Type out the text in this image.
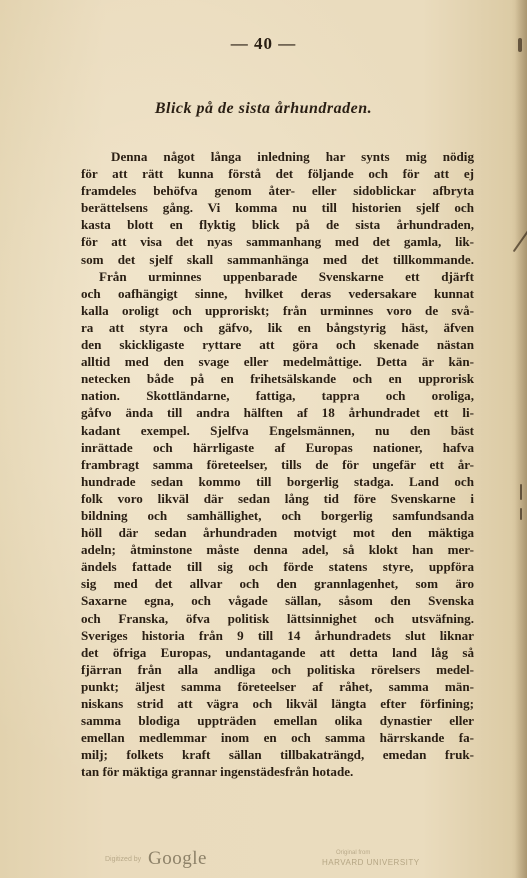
— 40 —
Blick på de sista århundraden.
Denna något långa inledning har synts mig nödig
för att rätt kunna förstå det följande och för att ej
framdeles behöfva genom åter- eller sidoblickar afbryta
berättelsens gång. Vi komma nu till historien sjelf och
kasta blott en flyktig blick på de sista århundraden,
för att visa det nyas sammanhang med det gamla, lik-
som det sjelf skall sammanhänga med det tillkommande.
Från urminnes uppenbarade Svenskarne ett djärft
och oafhängigt sinne, hvilket deras vedersakare kunnat
kalla oroligt och upproriskt; från urminnes voro de svå-
ra att styra och gäfvo, lik en bångstyrig häst, äfven
den skickligaste ryttare att göra och skenade nästan
alltid med den svage eller medelmåttige. Detta är kän-
netecken både på en frihetsälskande och en upprorisk
nation. Skottländarne, fattiga, tappra och oroliga,
gåfvo ända till andra hälften af 18 århundradet ett li-
kadant exempel. Sjelfva Engelsmännen, nu den bäst
inrättade och härrligaste af Europas nationer, hafva
frambragt samma företeelser, tills de för ungefär ett år-
hundrade sedan kommo till borgerlig stadga. Land och
folk voro likväl där sedan lång tid före Svenskarne i
bildning och samhällighet, och borgerlig samfundsanda
höll där sedan århundraden motvigt mot den mäktiga
adeln; åtminstone måste denna adel, så klokt han mer-
ändels fattade till sig och förde statens styre, uppföra
sig med det allvar och den grannlagenhet, som äro
Saxarne egna, och vågade sällan, såsom den Svenska
och Franska, öfva politisk lättsinnighet och utsväfning.
Sveriges historia från 9 till 14 århundradets slut liknar
det öfriga Europas, undantagande att detta land låg så
fjärran från alla andliga och politiska rörelsers medel-
punkt; äljest samma företeelser af råhet, samma män-
niskans strid att vägra och likväl längta efter förfining;
samma blodiga uppträden emellan olika dynastier eller
emellan medlemmar inom en och samma härrskande fa-
milj; folkets kraft sällan tillbakaträngd, emedan fruk-
tan för mäktiga grannar ingenstädesfrån hotade.
Digitized by Google	Original from
HARVARD UNIVERSITY
